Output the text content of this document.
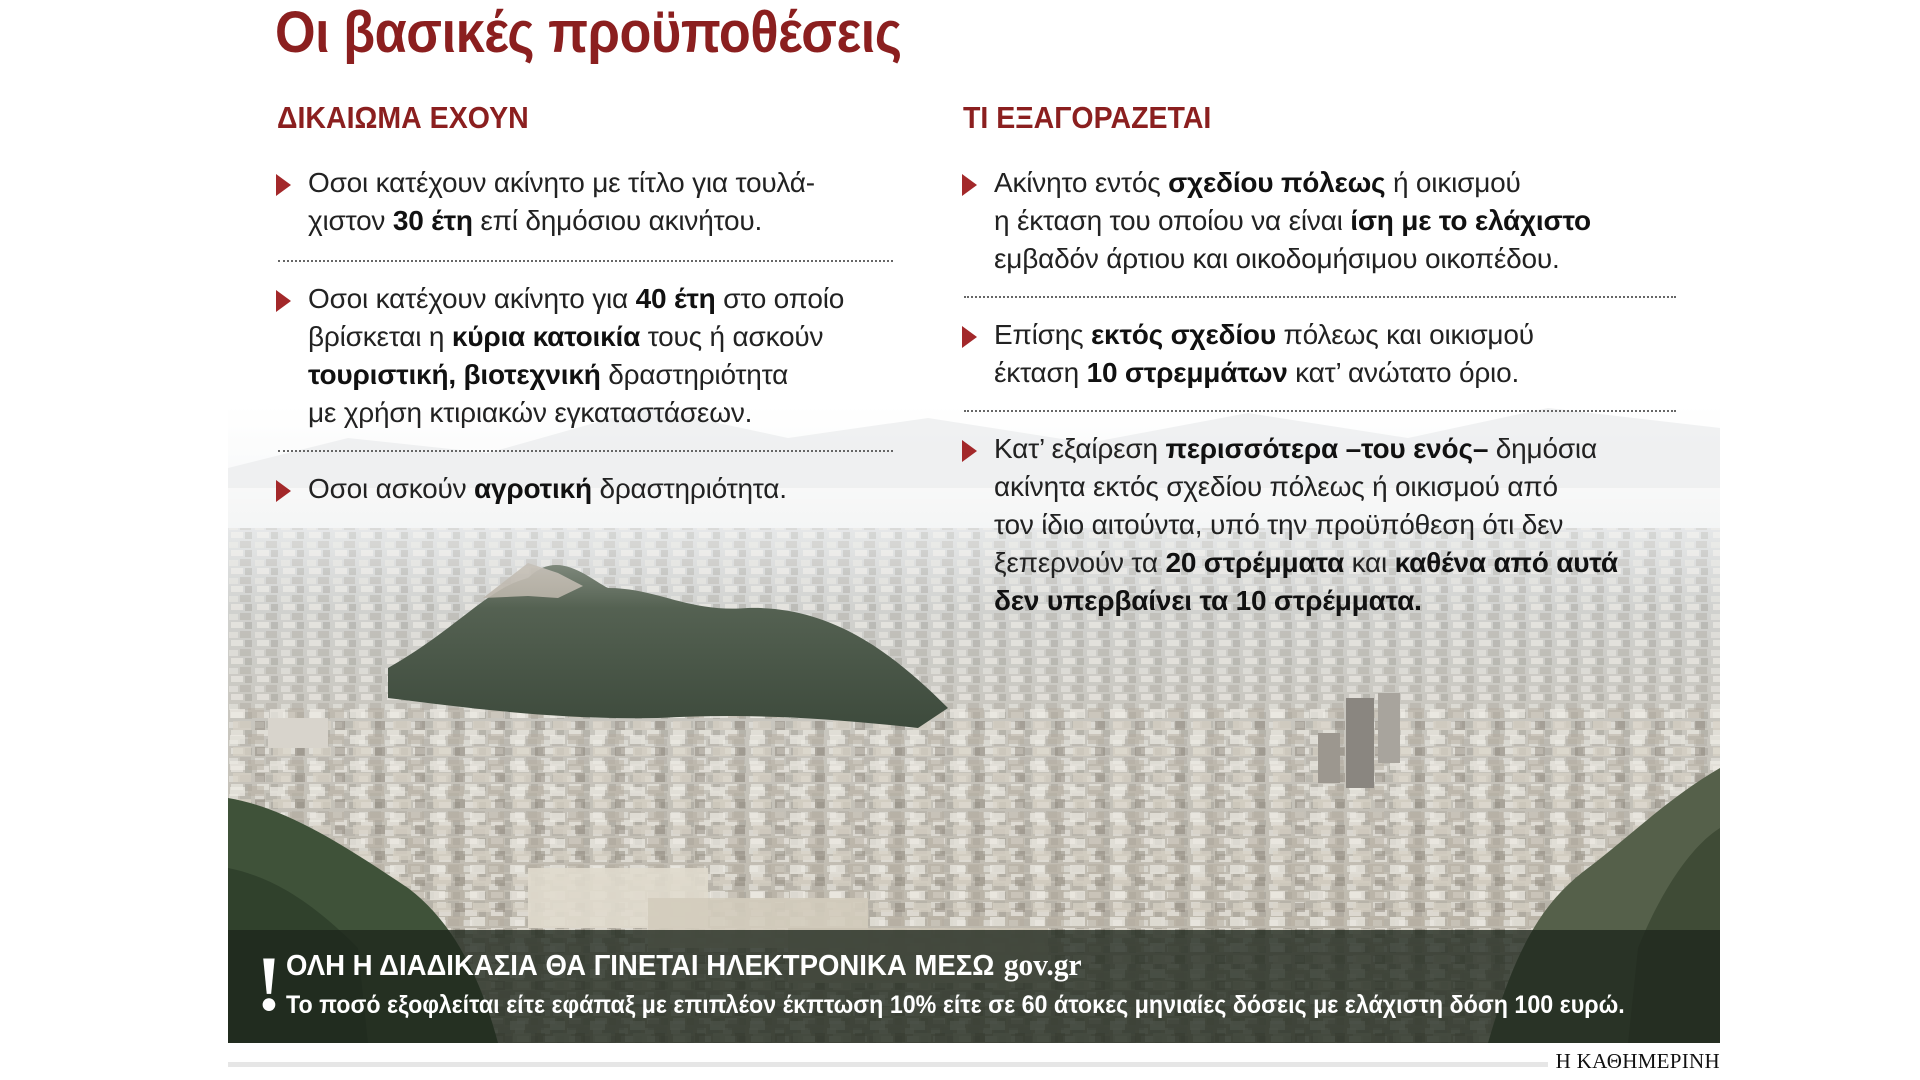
Οι βασικές προϋποθέσεις
ΔΙΚΑΙΩΜΑ ΕΧΟΥΝ
Οσοι κατέχουν ακίνητο με τίτλο για τουλά-
χιστον 30 έτη επί δημόσιου ακινήτου.
Οσοι κατέχουν ακίνητο για 40 έτη στο οποίο
βρίσκεται η κύρια κατοικία τους ή ασκούν
τουριστική, βιοτεχνική δραστηριότητα
με χρήση κτιριακών εγκαταστάσεων.
Οσοι ασκούν αγροτική δραστηριότητα.
ΤΙ ΕΞΑΓΟΡΑΖΕΤΑΙ
Ακίνητο εντός σχεδίου πόλεως ή οικισμού
η έκταση του οποίου να είναι ίση με το ελάχιστο
εμβαδόν άρτιου και οικοδομήσιμου οικοπέδου.
Επίσης εκτός σχεδίου πόλεως και οικισμού
έκταση 10 στρεμμάτων κατ’ ανώτατο όριο.
Κατ’ εξαίρεση περισσότερα –του ενός– δημόσια
ακίνητα εκτός σχεδίου πόλεως ή οικισμού από
τον ίδιο αιτούντα, υπό την προϋπόθεση ότι δεν
ξεπερνούν τα 20 στρέμματα και καθένα από αυτά
δεν υπερβαίνει τα 10 στρέμματα.
! ΟΛΗ Η ΔΙΑΔΙΚΑΣΙΑ ΘΑ ΓΙΝΕΤΑΙ ΗΛΕΚΤΡΟΝΙΚΑ ΜΕΣΩ gov.gr
Το ποσό εξοφλείται είτε εφάπαξ με επιπλέον έκπτωση 10% είτε σε 60 άτοκες μηνιαίες δόσεις με ελάχιστη δόση 100 ευρώ.
Η ΚΑΘΗΜΕΡΙΝΗ
